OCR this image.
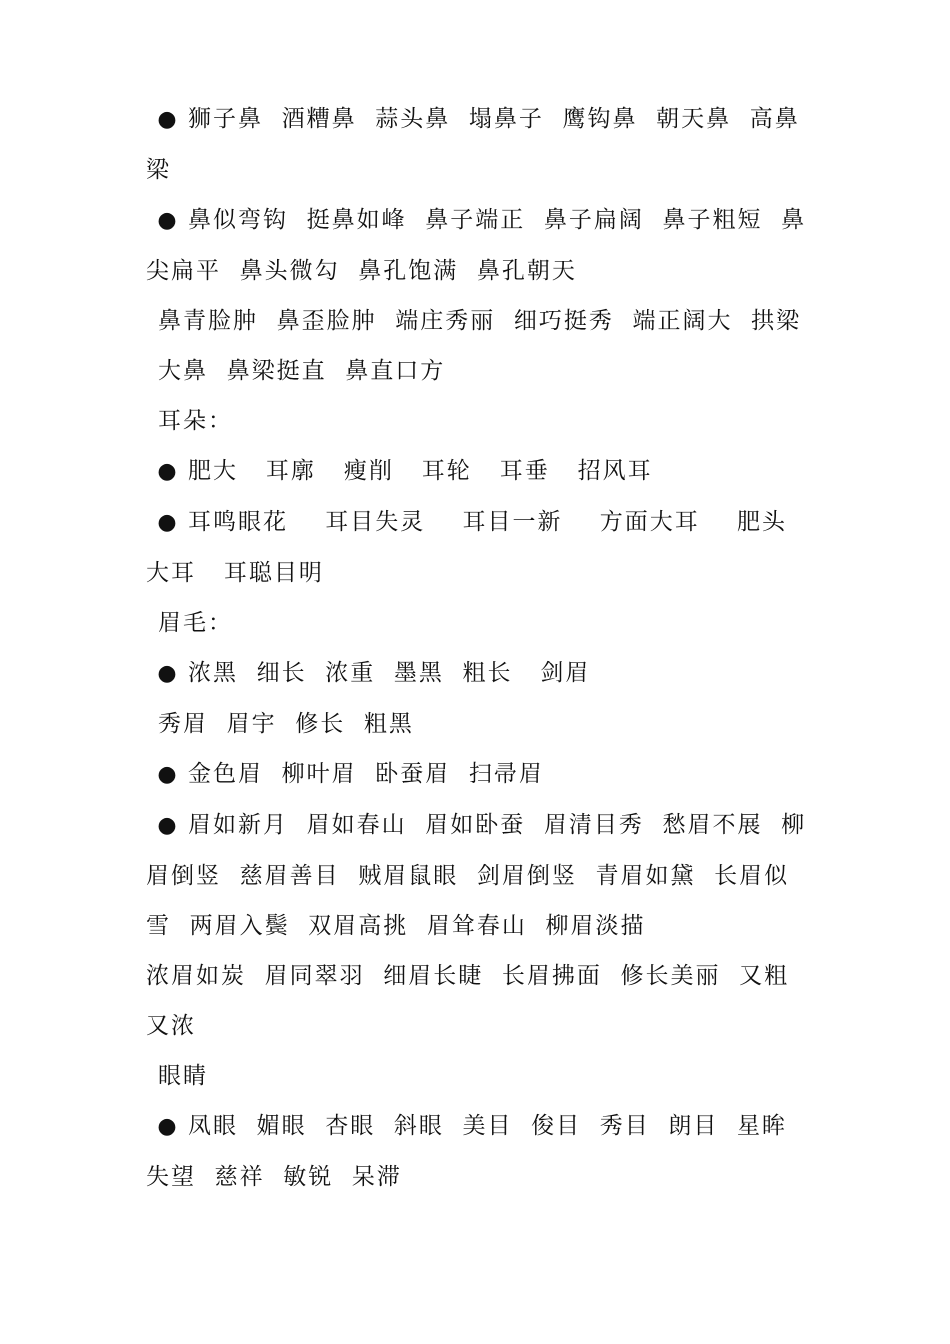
● 狮子鼻  酒糟鼻  蒜头鼻  塌鼻子  鹰钩鼻  朝天鼻  高鼻梁

● 鼻似弯钩  挺鼻如峰  鼻子端正  鼻子扁阔  鼻子粗短  鼻尖扁平  鼻头微勾  鼻孔饱满  鼻孔朝天

鼻青脸肿  鼻歪脸肿  端庄秀丽  细巧挺秀  端正阔大  拱梁大鼻  鼻梁挺直  鼻直口方

耳朵：

● 肥大   耳廓   瘦削   耳轮   耳垂   招风耳

● 耳鸣眼花    耳目失灵    耳目一新    方面大耳    肥头大耳   耳聪目明

眉毛：

● 浓黑  细长  浓重  墨黑  粗长   剑眉

秀眉  眉宇  修长  粗黑

● 金色眉  柳叶眉  卧蚕眉  扫帚眉

● 眉如新月  眉如春山  眉如卧蚕  眉清目秀  愁眉不展  柳眉倒竖  慈眉善目  贼眉鼠眼  剑眉倒竖  青眉如黛  长眉似雪  两眉入鬓  双眉高挑  眉耸春山  柳眉淡描

浓眉如炭  眉同翠羽  细眉长睫  长眉拂面  修长美丽  又粗又浓

眼睛

● 凤眼  媚眼  杏眼  斜眼  美目  俊目  秀目  朗目  星眸  失望  慈祥  敏锐  呆滞
